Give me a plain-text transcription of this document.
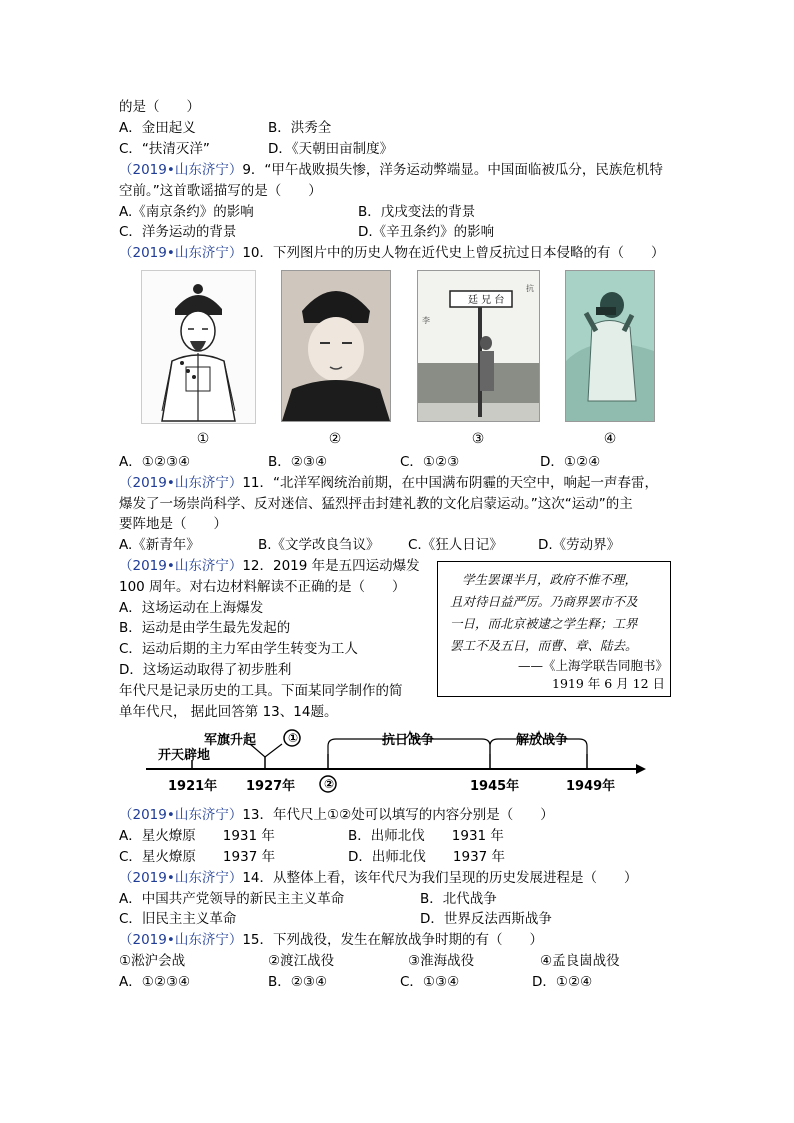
的是（　　）
A．金田起义	B．洪秀全
C．“扶清灭洋”	D．《天朝田亩制度》
（2019•山东济宁）9．“甲午战败损失惨，洋务运动弊端显。中国面临被瓜分，民族危机特
空前。”这首歌谣描写的是（　　）
A.《南京条约》的影响	B．戊戌变法的背景
C．洋务运动的背景	D.《辛丑条约》的影响
（2019•山东济宁）10．下列图片中的历史人物在近代史上曾反抗过日本侵略的有（　　）
廷 兄 台
李
抗
①	②	③	④
A．①②③④	B．②③④	C．①②③	D．①②④
（2019•山东济宁）11．“北洋军阀统治前期，在中国满布阴霾的天空中，响起一声春雷，
爆发了一场崇尚科学、反对迷信、猛烈抨击封建礼教的文化启蒙运动。”这次“运动”的主
要阵地是（　　）
A.《新青年》	B.《文学改良刍议》 C.《狂人日记》	D.《劳动界》
（2019•山东济宁）12．2019 年是五四运动爆发
100 周年。对右边材料解读不正确的是（　　）
A．这场运动在上海爆发
B．运动是由学生最先发起的
C．运动后期的主力军由学生转变为工人
D．这场运动取得了初步胜利
学生罢课半月，政府不惟不理，
且对待日益严厉。乃商界罢市不及
一日，而北京被逮之学生释；工界
罢工不及五日，而曹、章、陆去。
——《上海学联告同胞书》
1919 年 6 月 12 日
年代尺是记录历史的工具。下面某同学制作的简
单年代尺， 据此回答第 13、14题。
开天辟地
军旗升起	①	抗日战争	解放战争
②
1921年 1927年	1945年	1949年
（2019•山东济宁）13．年代尺上①②处可以填写的内容分别是（　　）
A．星火燎原　　1931 年	B．出师北伐　　1931 年
C．星火燎原　　1937 年	D．出师北伐　　1937 年
（2019•山东济宁）14．从整体上看，该年代尺为我们呈现的历史发展进程是（　　）
A．中国共产党领导的新民主主义革命	B．北代战争
C．旧民主主义革命	D．世界反法西斯战争
（2019•山东济宁）15．下列战役，发生在解放战争时期的有（　　）
①淞沪会战	②渡江战役	③淮海战役	④孟良崮战役
A．①②③④	B．②③④	C．①③④	D．①②④
